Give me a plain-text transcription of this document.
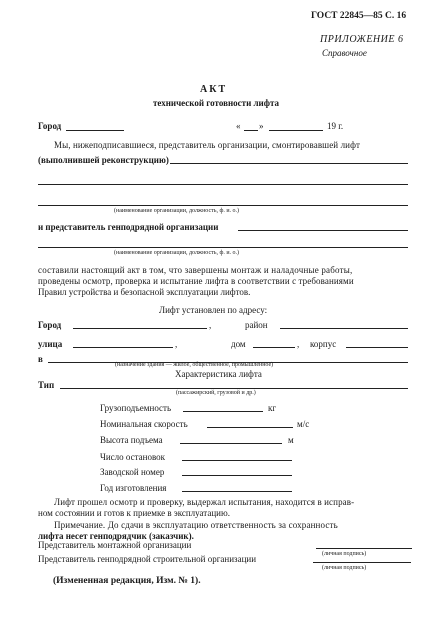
ГОСТ 22845—85 С. 16
ПРИЛОЖЕНИЕ 6
Справочное
АКТ
технической готовности лифта
Город	« »	19 г.
Мы, нижеподписавшиеся, представитель организации, смонтировавшей лифт
(выполнившей реконструкцию)
(наименование организации, должность, ф. и. о.)
и представитель генподрядной организации
(наименование организации, должность, ф. и. о.)
составили настоящий акт в том, что завершены монтаж и наладочные работы,
проведены осмотр, проверка и испытание лифта в соответствии с требованиями
Правил устройства и безопасной эксплуатации лифтов.
Лифт установлен по адресу:
Город	,	район
улица	,	дом	, корпус
в
(назначение здания — жилое, общественное, промышленное)
Характеристика лифта
Тип
(пассажирский, грузовой и др.)
Грузоподъемность	кг
Номинальная скорость	м/с
Высота подъема	м
Число остановок
Заводской номер
Год изготовления
Лифт прошел осмотр и проверку, выдержал испытания, находится в исправ-
ном состоянии и готов к приемке в эксплуатацию.
Примечание. До сдачи в эксплуатацию ответственность за сохранность
лифта несет генподрядчик (заказчик).
Представитель монтажной организации
(личная подпись)
Представитель генподрядной строительной организации
(личная подпись)
(Измененная редакция, Изм. № 1).
